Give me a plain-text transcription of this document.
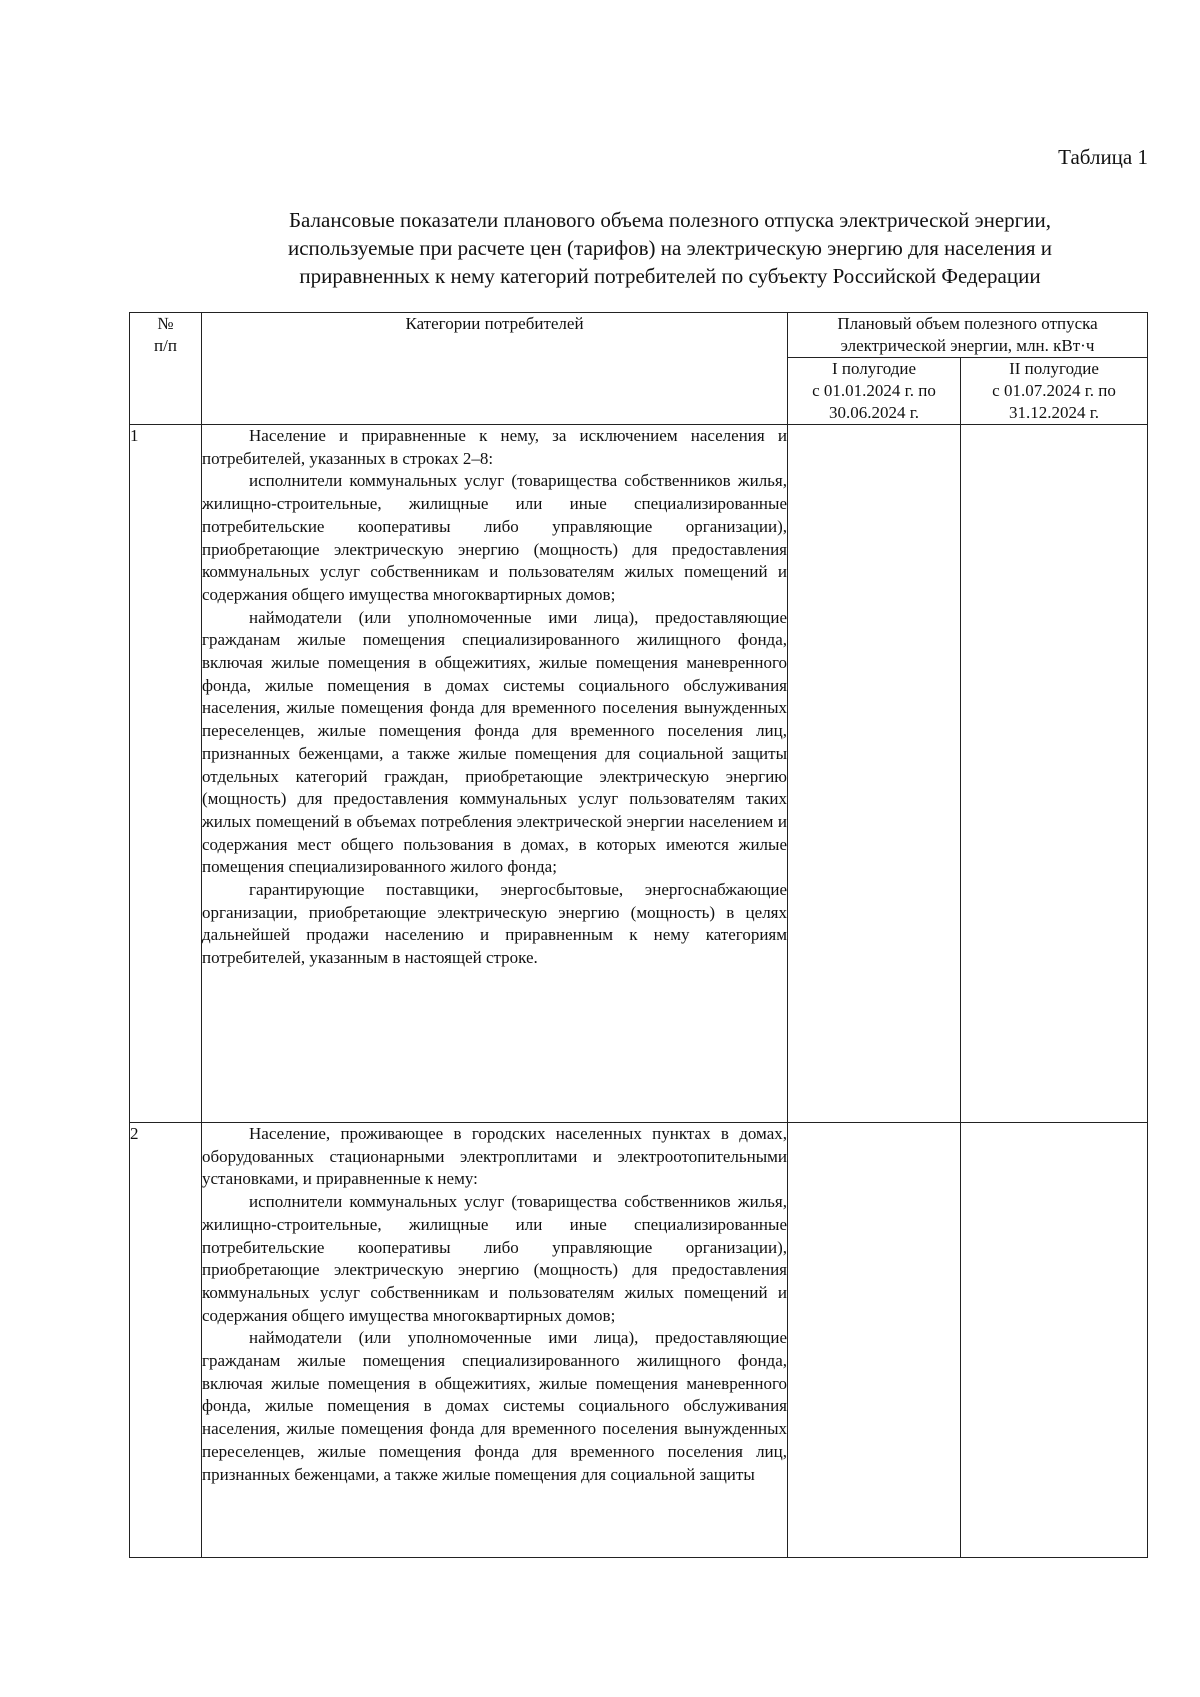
Таблица 1
Балансовые показатели планового объема полезного отпуска электрической энергии,
используемые при расчете цен (тарифов) на электрическую энергию для населения и
приравненных к нему категорий потребителей по субъекту Российской Федерации
№
п/п	Категории потребителей	Плановый объем полезного отпуска
электрической энергии, млн. кВт·ч	

		I полугодие
с 01.01.2024 г. по
30.06.2024 г.	II полугодие
с 01.07.2024 г. по
31.12.2024 г.

1	Население и приравненные к нему, за исключением населения и потребителей, указанных в строках 2–8:

исполнители коммунальных услуг (товарищества собственников жилья, жилищно-строительные, жилищные или иные специализированные потребительские кооперативы либо управляющие организации), приобретающие электрическую энергию (мощность) для предоставления коммунальных услуг собственникам и пользователям жилых помещений и содержания общего имущества многоквартирных домов;

наймодатели (или уполномоченные ими лица), предоставляющие гражданам жилые помещения специализированного жилищного фонда, включая жилые помещения в общежитиях, жилые помещения маневренного фонда, жилые помещения в домах системы социального обслуживания населения, жилые помещения фонда для временного поселения вынужденных переселенцев, жилые помещения фонда для временного поселения лиц, признанных беженцами, а также жилые помещения для социальной защиты отдельных категорий граждан, приобретающие электрическую энергию (мощность) для предоставления коммунальных услуг пользователям таких жилых помещений в объемах потребления электрической энергии населением и содержания мест общего пользования в домах, в которых имеются жилые помещения специализированного жилого фонда;

гарантирующие поставщики, энергосбытовые, энергоснабжающие организации, приобретающие электрическую энергию (мощность) в целях дальнейшей продажи населению и приравненным к нему категориям потребителей, указанным в настоящей строке.		

2	Население, проживающее в городских населенных пунктах в домах, оборудованных стационарными электроплитами и электроотопительными установками, и приравненные к нему:

исполнители коммунальных услуг (товарищества собственников жилья, жилищно-строительные, жилищные или иные специализированные потребительские кооперативы либо управляющие организации), приобретающие электрическую энергию (мощность) для предоставления коммунальных услуг собственникам и пользователям жилых помещений и содержания общего имущества многоквартирных домов;

наймодатели (или уполномоченные ими лица), предоставляющие гражданам жилые помещения специализированного жилищного фонда, включая жилые помещения в общежитиях, жилые помещения маневренного фонда, жилые помещения в домах системы социального обслуживания населения, жилые помещения фонда для временного поселения вынужденных переселенцев, жилые помещения фонда для временного поселения лиц, признанных беженцами, а также жилые помещения для социальной защиты		
